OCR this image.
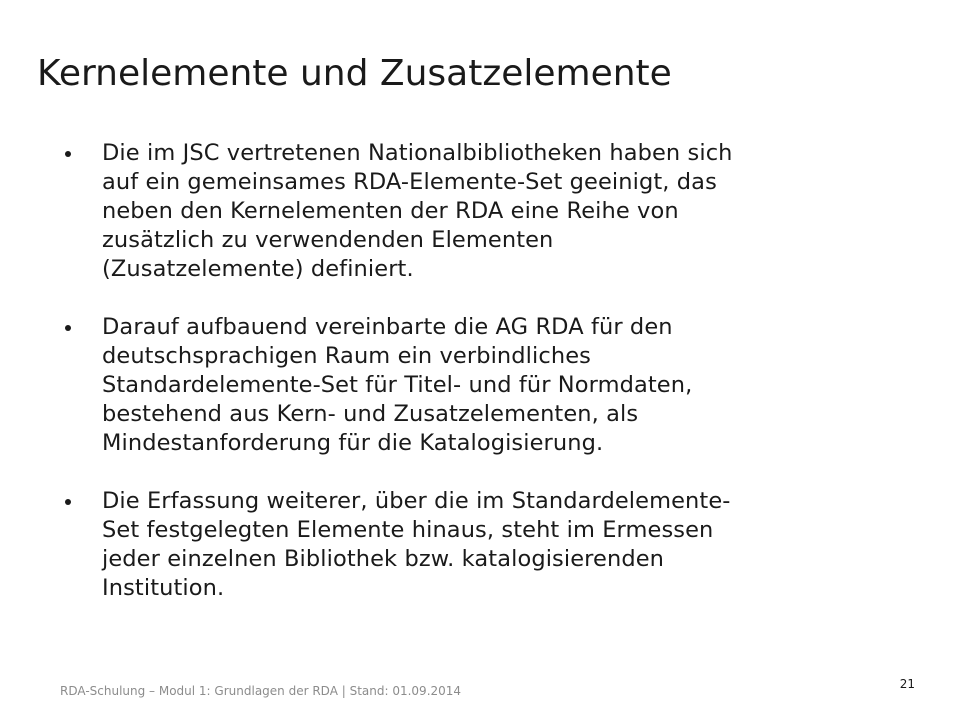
Kernelemente und Zusatzelemente
Die im JSC vertretenen Nationalbibliotheken haben sich
auf ein gemeinsames RDA-Elemente-Set geeinigt, das
neben den Kernelementen der RDA eine Reihe von
zusätzlich zu verwendenden Elementen
(Zusatzelemente) definiert.
Darauf aufbauend vereinbarte die AG RDA für den
deutschsprachigen Raum ein verbindliches
Standardelemente-Set für Titel- und für Normdaten,
bestehend aus Kern- und Zusatzelementen, als
Mindestanforderung für die Katalogisierung.
Die Erfassung weiterer, über die im Standardelemente-
Set festgelegten Elemente hinaus, steht im Ermessen
jeder einzelnen Bibliothek bzw. katalogisierenden
Institution.
RDA-Schulung – Modul 1: Grundlagen der RDA | Stand: 01.09.2014	21
